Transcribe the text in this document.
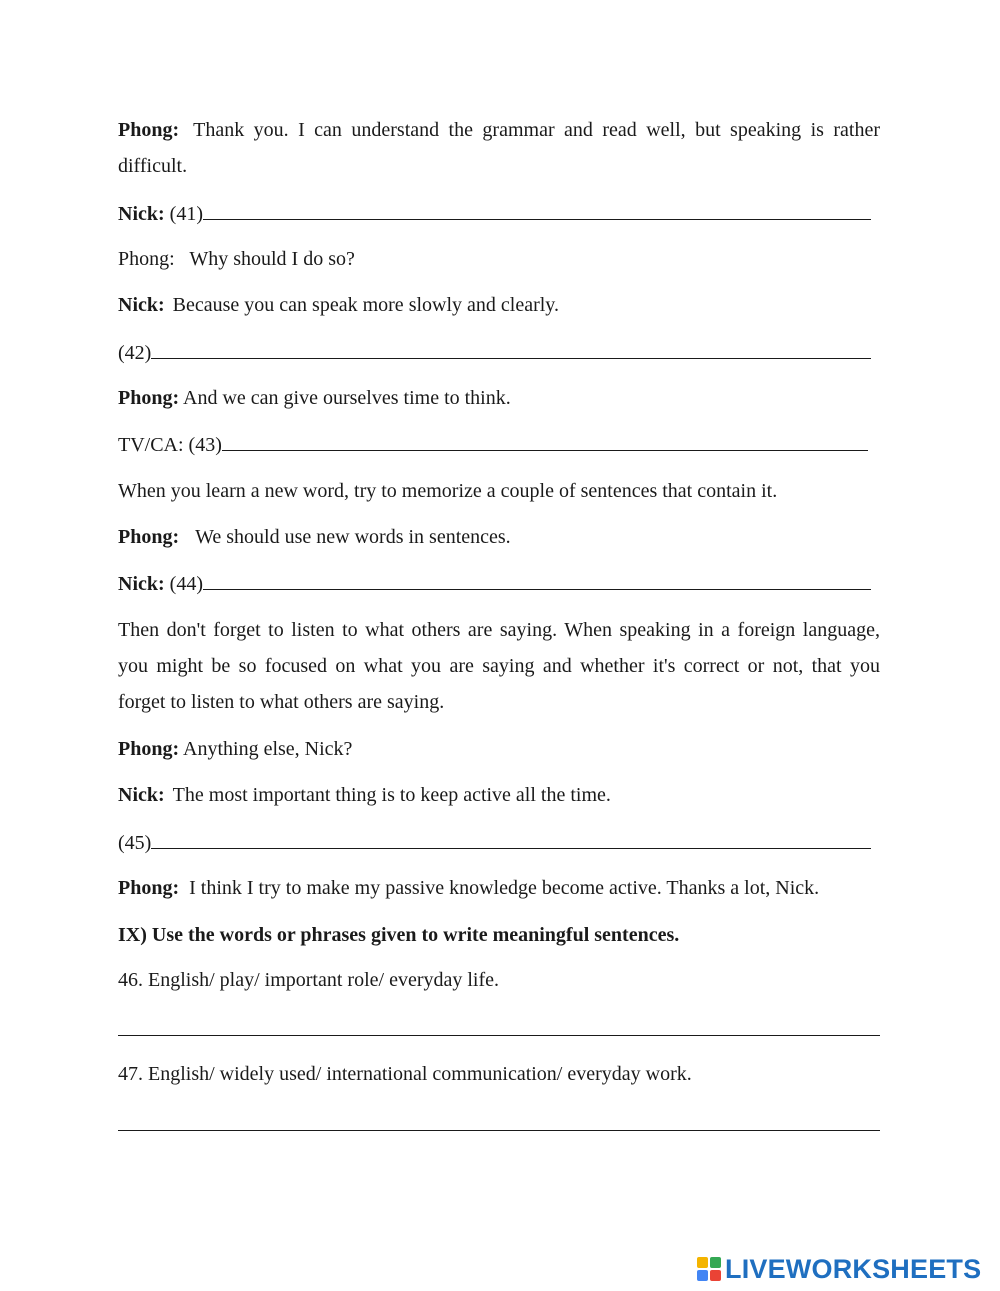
Phong: Thank you. I can understand the grammar and read well, but speaking is rather
difficult.
Nick: (41)
Phong:   Why should I do so?
Nick: Because you can speak more slowly and clearly.
(42)
Phong: And we can give ourselves time to think.
TV/CA: (43)
When you learn a new word, try to memorize a couple of sentences that contain it.
Phong: We should use new words in sentences.
Nick: (44)
Then don't forget to listen to what others are saying. When speaking in a foreign language,
you might be so focused on what you are saying and whether it's correct or not, that you
forget to listen to what others are saying.
Phong: Anything else, Nick?
Nick: The most important thing is to keep active all the time.
(45)
Phong: I think I try to make my passive knowledge become active. Thanks a lot, Nick.
IX) Use the words or phrases given to write meaningful sentences.
46. English/ play/ important role/ everyday life.
47. English/ widely used/ international communication/ everyday work.
LIVEWORKSHEETS
